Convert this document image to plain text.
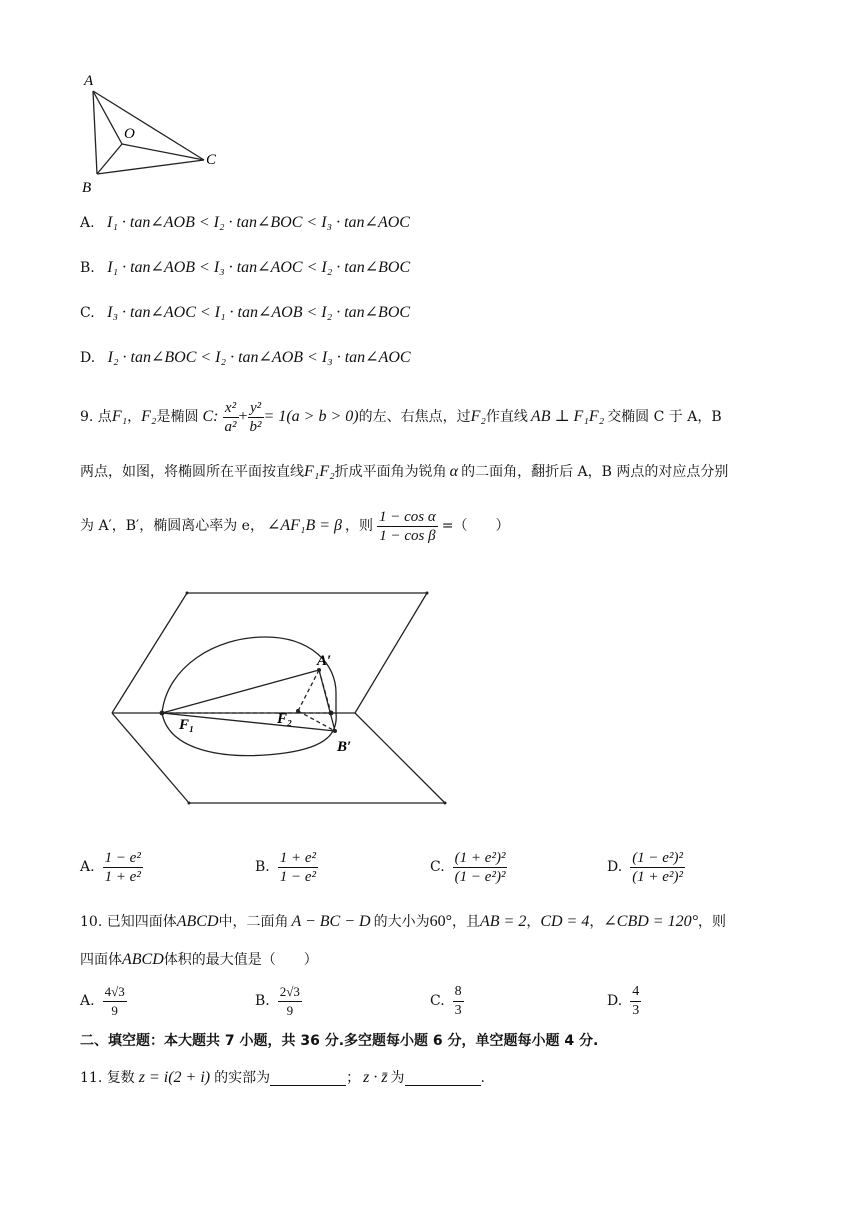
A
B
C
O
A. I₁ · tan∠AOB < I₂ · tan∠BOC < I₃ · tan∠AOC
B. I₁ · tan∠AOB < I₃ · tan∠AOC < I₂ · tan∠BOC
C. I₃ · tan∠AOC < I₁ · tan∠AOB < I₂ · tan∠BOC
D. I₂ · tan∠BOC < I₂ · tan∠AOB < I₃ · tan∠AOC
9. 点 F₁ ， F₂ 是椭圆 C: $\frac{\text{x²}}{\text{a²}} + \frac{\text{y²}}{\text{b²}} = 1(a > b > 0)$ 的左、右焦点，过 F₂ 作直线 AB ⊥ F₁F₂ 交椭圆 C 于 A，B
两点，如图，将椭圆所在平面按直线F₁F₂折成平面角为锐角 α 的二面角，翻折后 A，B 两点的对应点分别
为 A′，B′，椭圆离心率为 e， ∠AF₁B = β ，则 $\frac{\text{1 − cos α}}{\text{1 − cos β}}$ =（　　）
A′
B′
F₁	F₂
A. $\frac{\text{1 − e²}}{\text{1 + e²}}$	B. $\frac{\text{1 + e²}}{\text{1 − e²}}$	C. $\frac{\text{(1 + e²)²}}{\text{(1 − e²)²}}$	D. $\frac{\text{(1 − e²)²}}{\text{(1 + e²)²}}$
10. 已知四面体ABCD中，二面角 A − BC − D 的大小为60°，且AB = 2，CD = 4，∠CBD = 120°，则
四面体ABCD体积的最大值是（　　）
A. $\frac{4√3}{9}$	B. $\frac{2√3}{9}$	C. $\frac{8}{3}$	D. $\frac{4}{3}$
二、填空题：本大题共 7 小题，共 36 分.多空题每小题 6 分，单空题每小题 4 分.
11. 复数 z = i(2 + i) 的实部为	； z · z̄ 为	.
